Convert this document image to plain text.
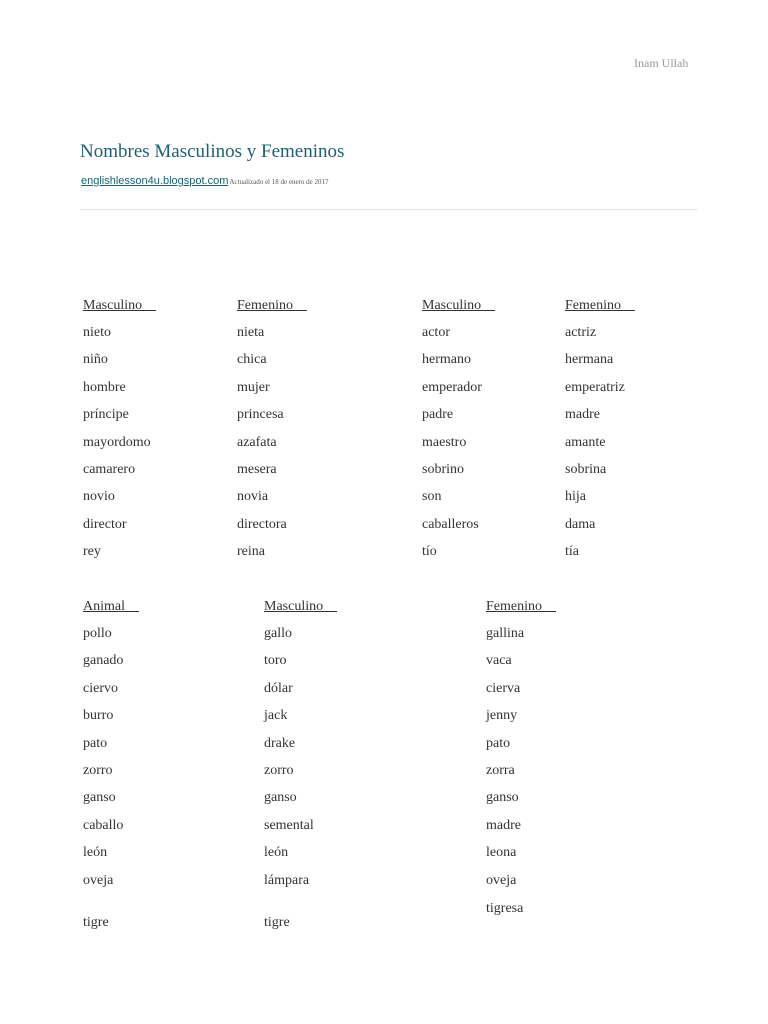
Inam Ullah
Nombres Masculinos y Femeninos
englishlesson4u.blogspot.comActualizado el 18 de enero de 2017
Masculino
nieto
niño
hombre
príncipe
mayordomo
camarero
novio
director
rey
Femenino
nieta
chica
mujer
princesa
azafata
mesera
novia
directora
reina
Masculino
actor
hermano
emperador
padre
maestro
sobrino
son
caballeros
tío
Femenino
actriz
hermana
emperatriz
madre
amante
sobrina
hija
dama
tía
Animal
pollo
ganado
ciervo
burro
pato
zorro
ganso
caballo
león
oveja
tigre
Masculino
gallo
toro
dólar
jack
drake
zorro
ganso
semental
león
lámpara
tigre
Femenino
gallina
vaca
cierva
jenny
pato
zorra
ganso
madre
leona
oveja
tigresa
